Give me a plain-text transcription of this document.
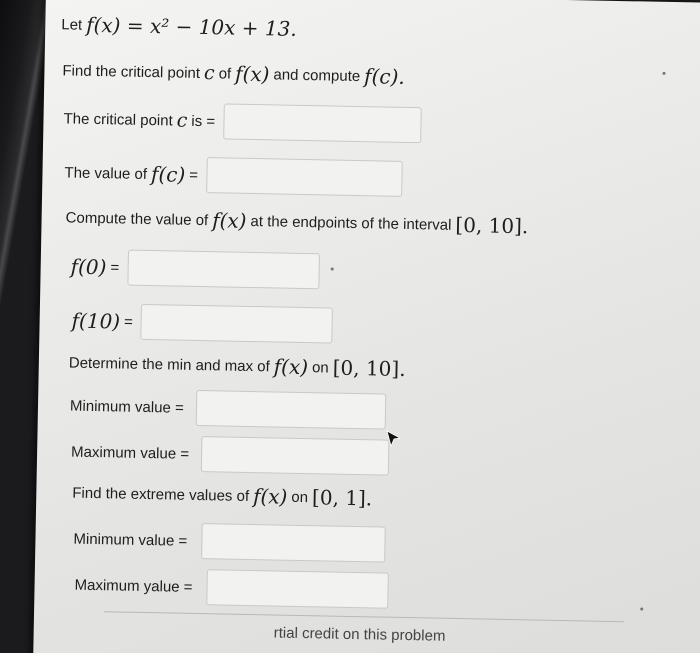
Let f(x) = x² − 10x + 13.
Find the critical point c of f(x) and compute f(c).
The critical point c is =
The value of f(c) =
Compute the value of f(x) at the endpoints of the interval [0, 10].
f(0) =
f(10) =
Determine the min and max of f(x) on [0, 10].
Minimum value =
Maximum value =
Find the extreme values of f(x) on [0, 1].
Minimum value =
Maximum yalue =
rtial credit on this problem
